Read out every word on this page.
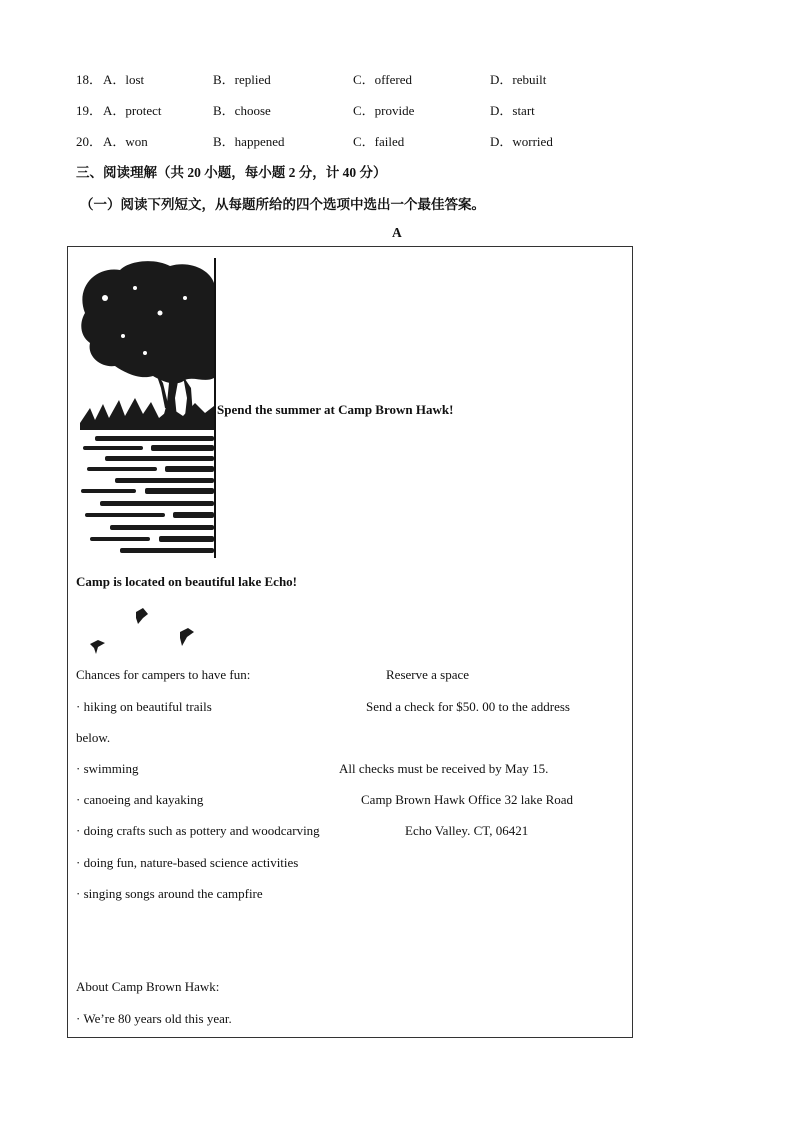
18． A．lost	B．replied	C．offered	D．rebuilt
19． A．protect	B．choose	C．provide	D．start
20． A．won	B．happened	C．failed	D．worried
三、阅读理解（共 20 小题，每小题 2 分，计 40 分）
（一）阅读下列短文，从每题所给的四个选项中选出一个最佳答案。
A
Spend the summer at Camp Brown Hawk!
Camp is located on beautiful lake Echo!
Chances for campers to have fun:
· hiking on beautiful trails
· swimming
· canoeing and kayaking
· doing crafts such as pottery and woodcarving
· doing fun, nature-based science activities
· singing songs around the campfire
Reserve a space
Send a check for $50. 00 to the address
below.
All checks must be received by May 15.
Camp Brown Hawk Office 32 lake Road
Echo Valley. CT, 06421
About Camp Brown Hawk:
· We’re 80 years old this year.
